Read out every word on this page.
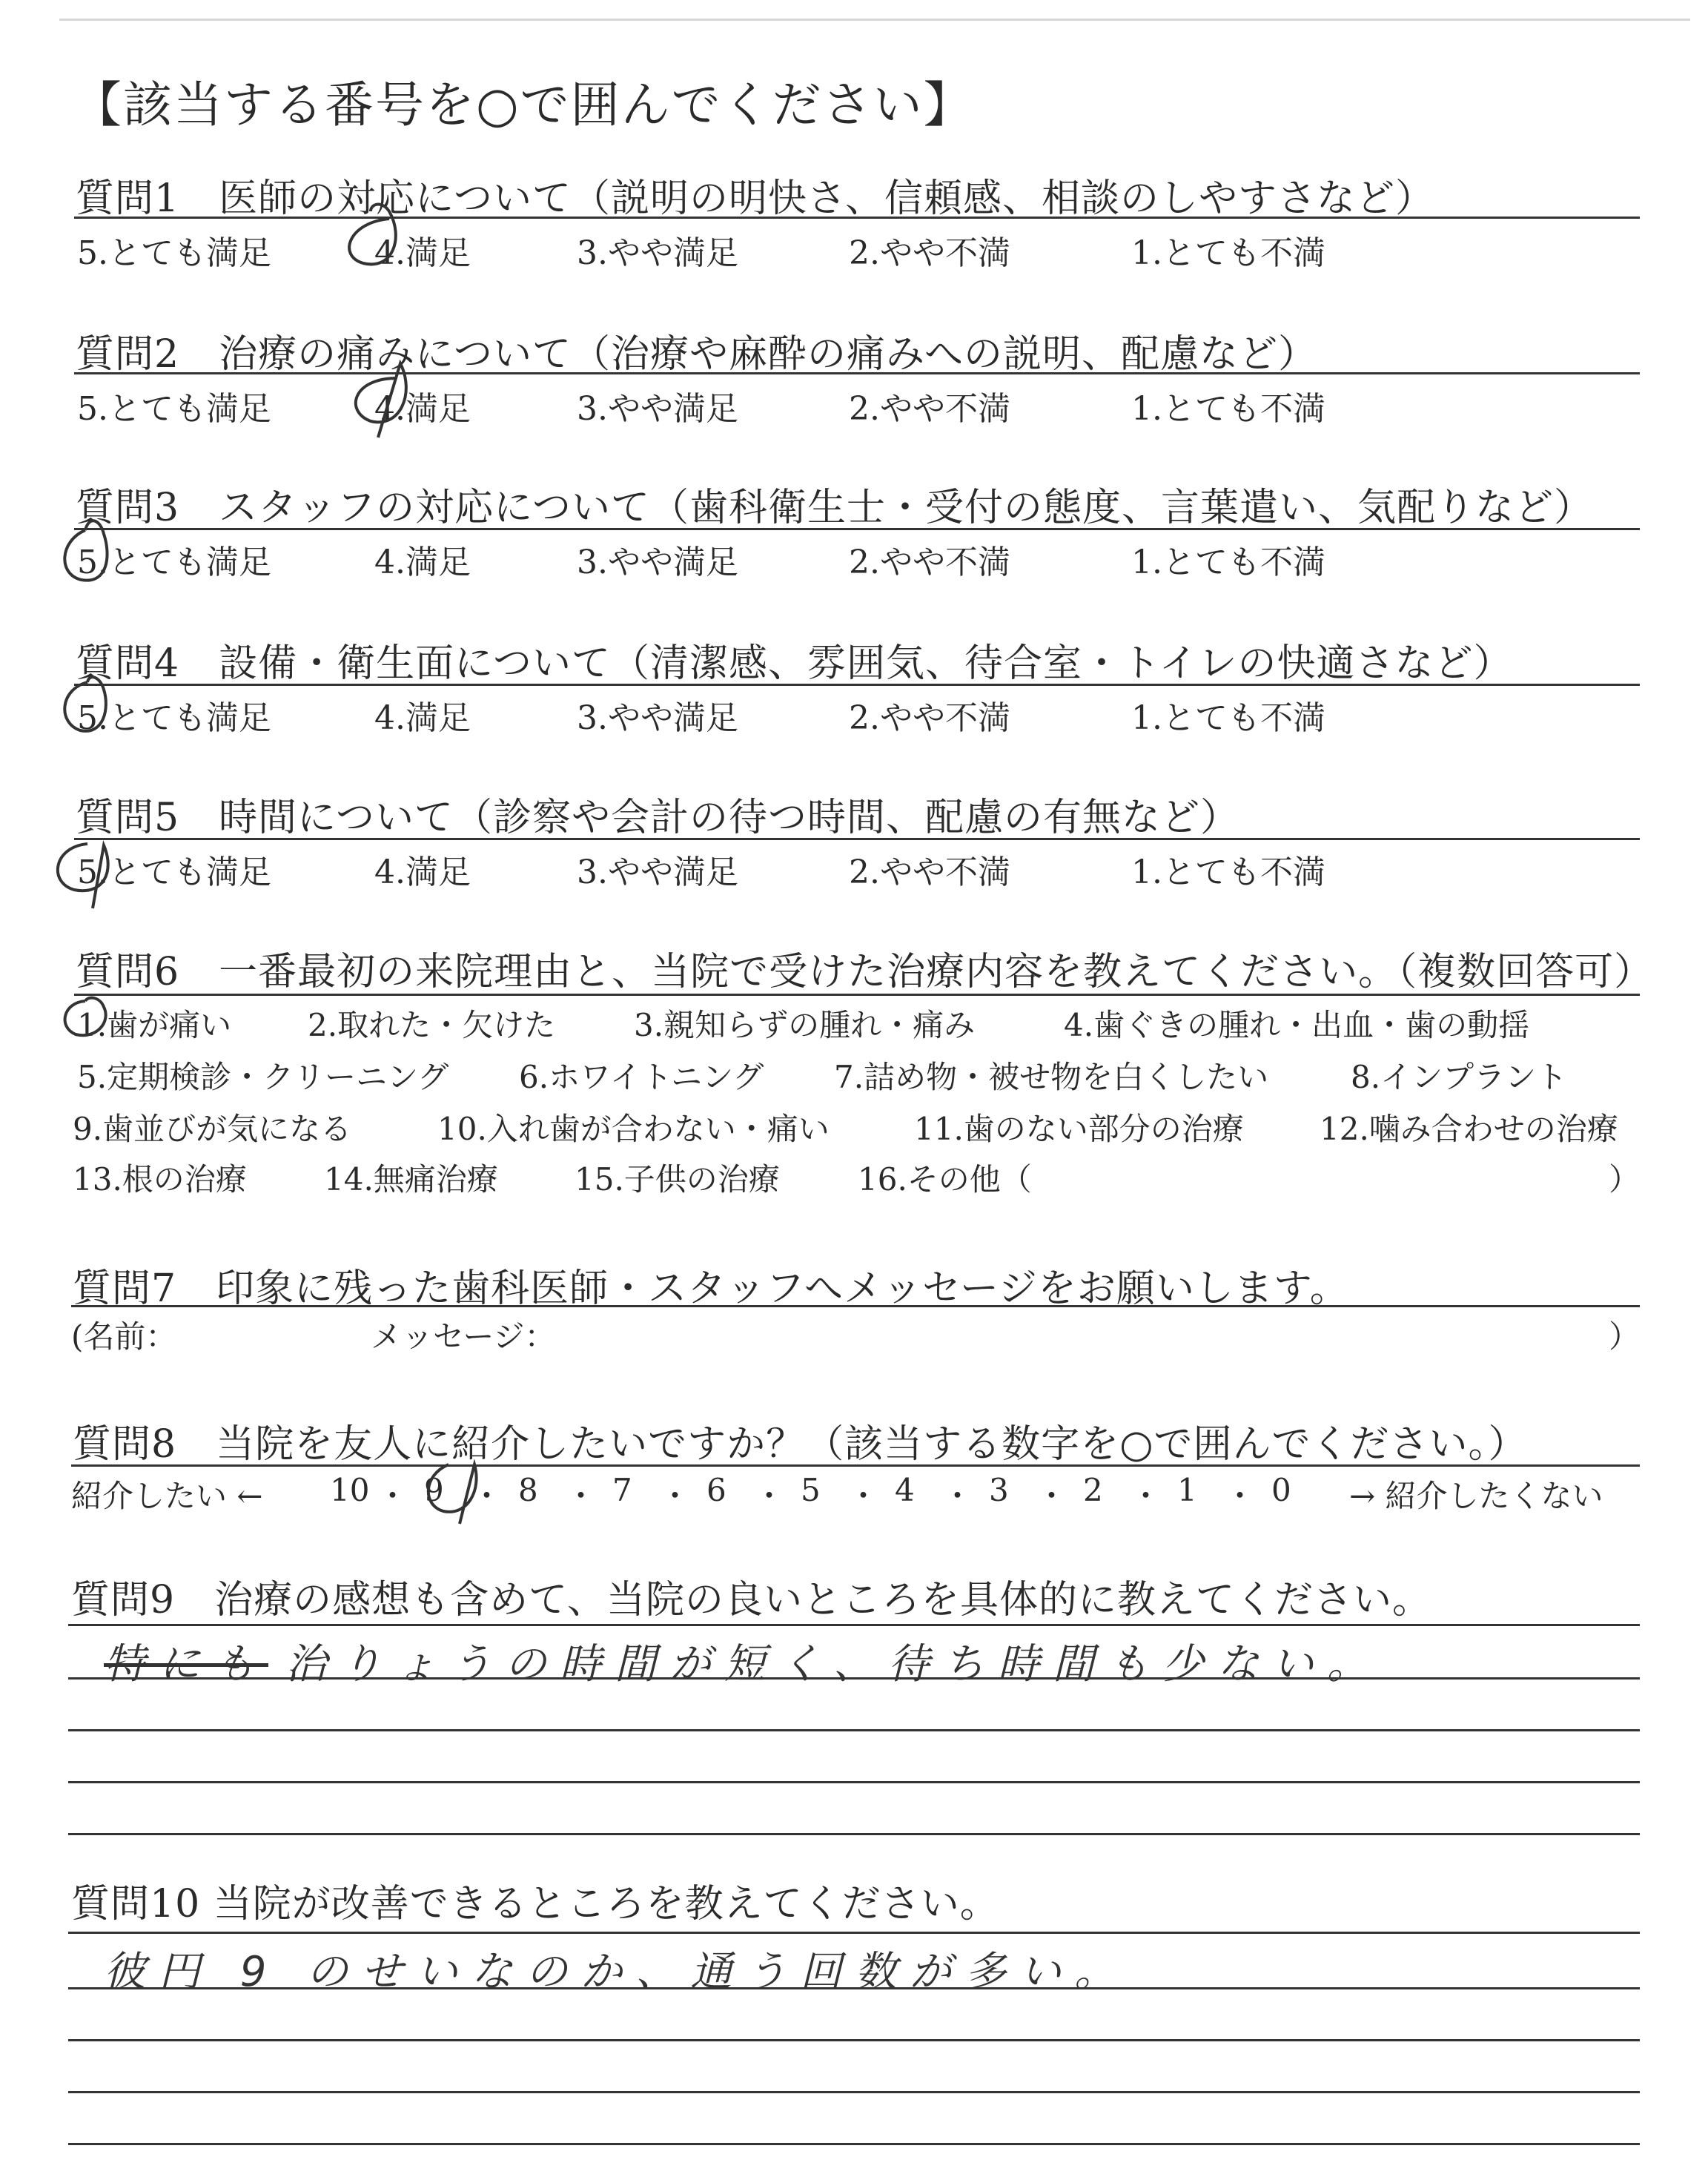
【該当する番号を○で囲んでください】
質問1　医師の対応について（説明の明快さ、信頼感、相談のしやすさなど）
5.とても満足	4.満足	3.やや満足	2.やや不満	1.とても不満
質問2　治療の痛みについて（治療や麻酔の痛みへの説明、配慮など）
5.とても満足	4.満足	3.やや満足	2.やや不満	1.とても不満
質問3　スタッフの対応について（歯科衛生士・受付の態度、言葉遣い、気配りなど）
5.とても満足	4.満足	3.やや満足	2.やや不満	1.とても不満
質問4　設備・衛生面について（清潔感、雰囲気、待合室・トイレの快適さなど）
5.とても満足	4.満足	3.やや満足	2.やや不満	1.とても不満
質問5　時間について（診察や会計の待つ時間、配慮の有無など）
5.とても満足	4.満足	3.やや満足	2.やや不満	1.とても不満
質問6　一番最初の来院理由と、当院で受けた治療内容を教えてください。（複数回答可）
1.歯が痛い 2.取れた・欠けた	3.親知らずの腫れ・痛み	4.歯ぐきの腫れ・出血・歯の動揺
5.定期検診・クリーニング 6.ホワイトニング 7.詰め物・被せ物を白くしたい	8.インプラント
9.歯並びが気になる	10.入れ歯が合わない・痛い	11.歯のない部分の治療 12.噛み合わせの治療
13.根の治療 14.無痛治療 15.子供の治療	16.その他（	）
質問7　印象に残った歯科医師・スタッフへメッセージをお願いします。
(名前：	メッセージ：	）
質問8　当院を友人に紹介したいですか？（該当する数字を○で囲んでください。）
紹介したい ←	→ 紹介したくない
10 ・ 9 ・ 8 ・ 7 ・ 6 ・ 5 ・ 4 ・ 3 ・ 2 ・ 1 ・ 0
質問9　治療の感想も含めて、当院の良いところを具体的に教えてください。
特にも 治りょうの時間が短く、待ち時間も少ない。
質問10 当院が改善できるところを教えてください。
彼円 9 のせいなのか、通う回数が多い。
